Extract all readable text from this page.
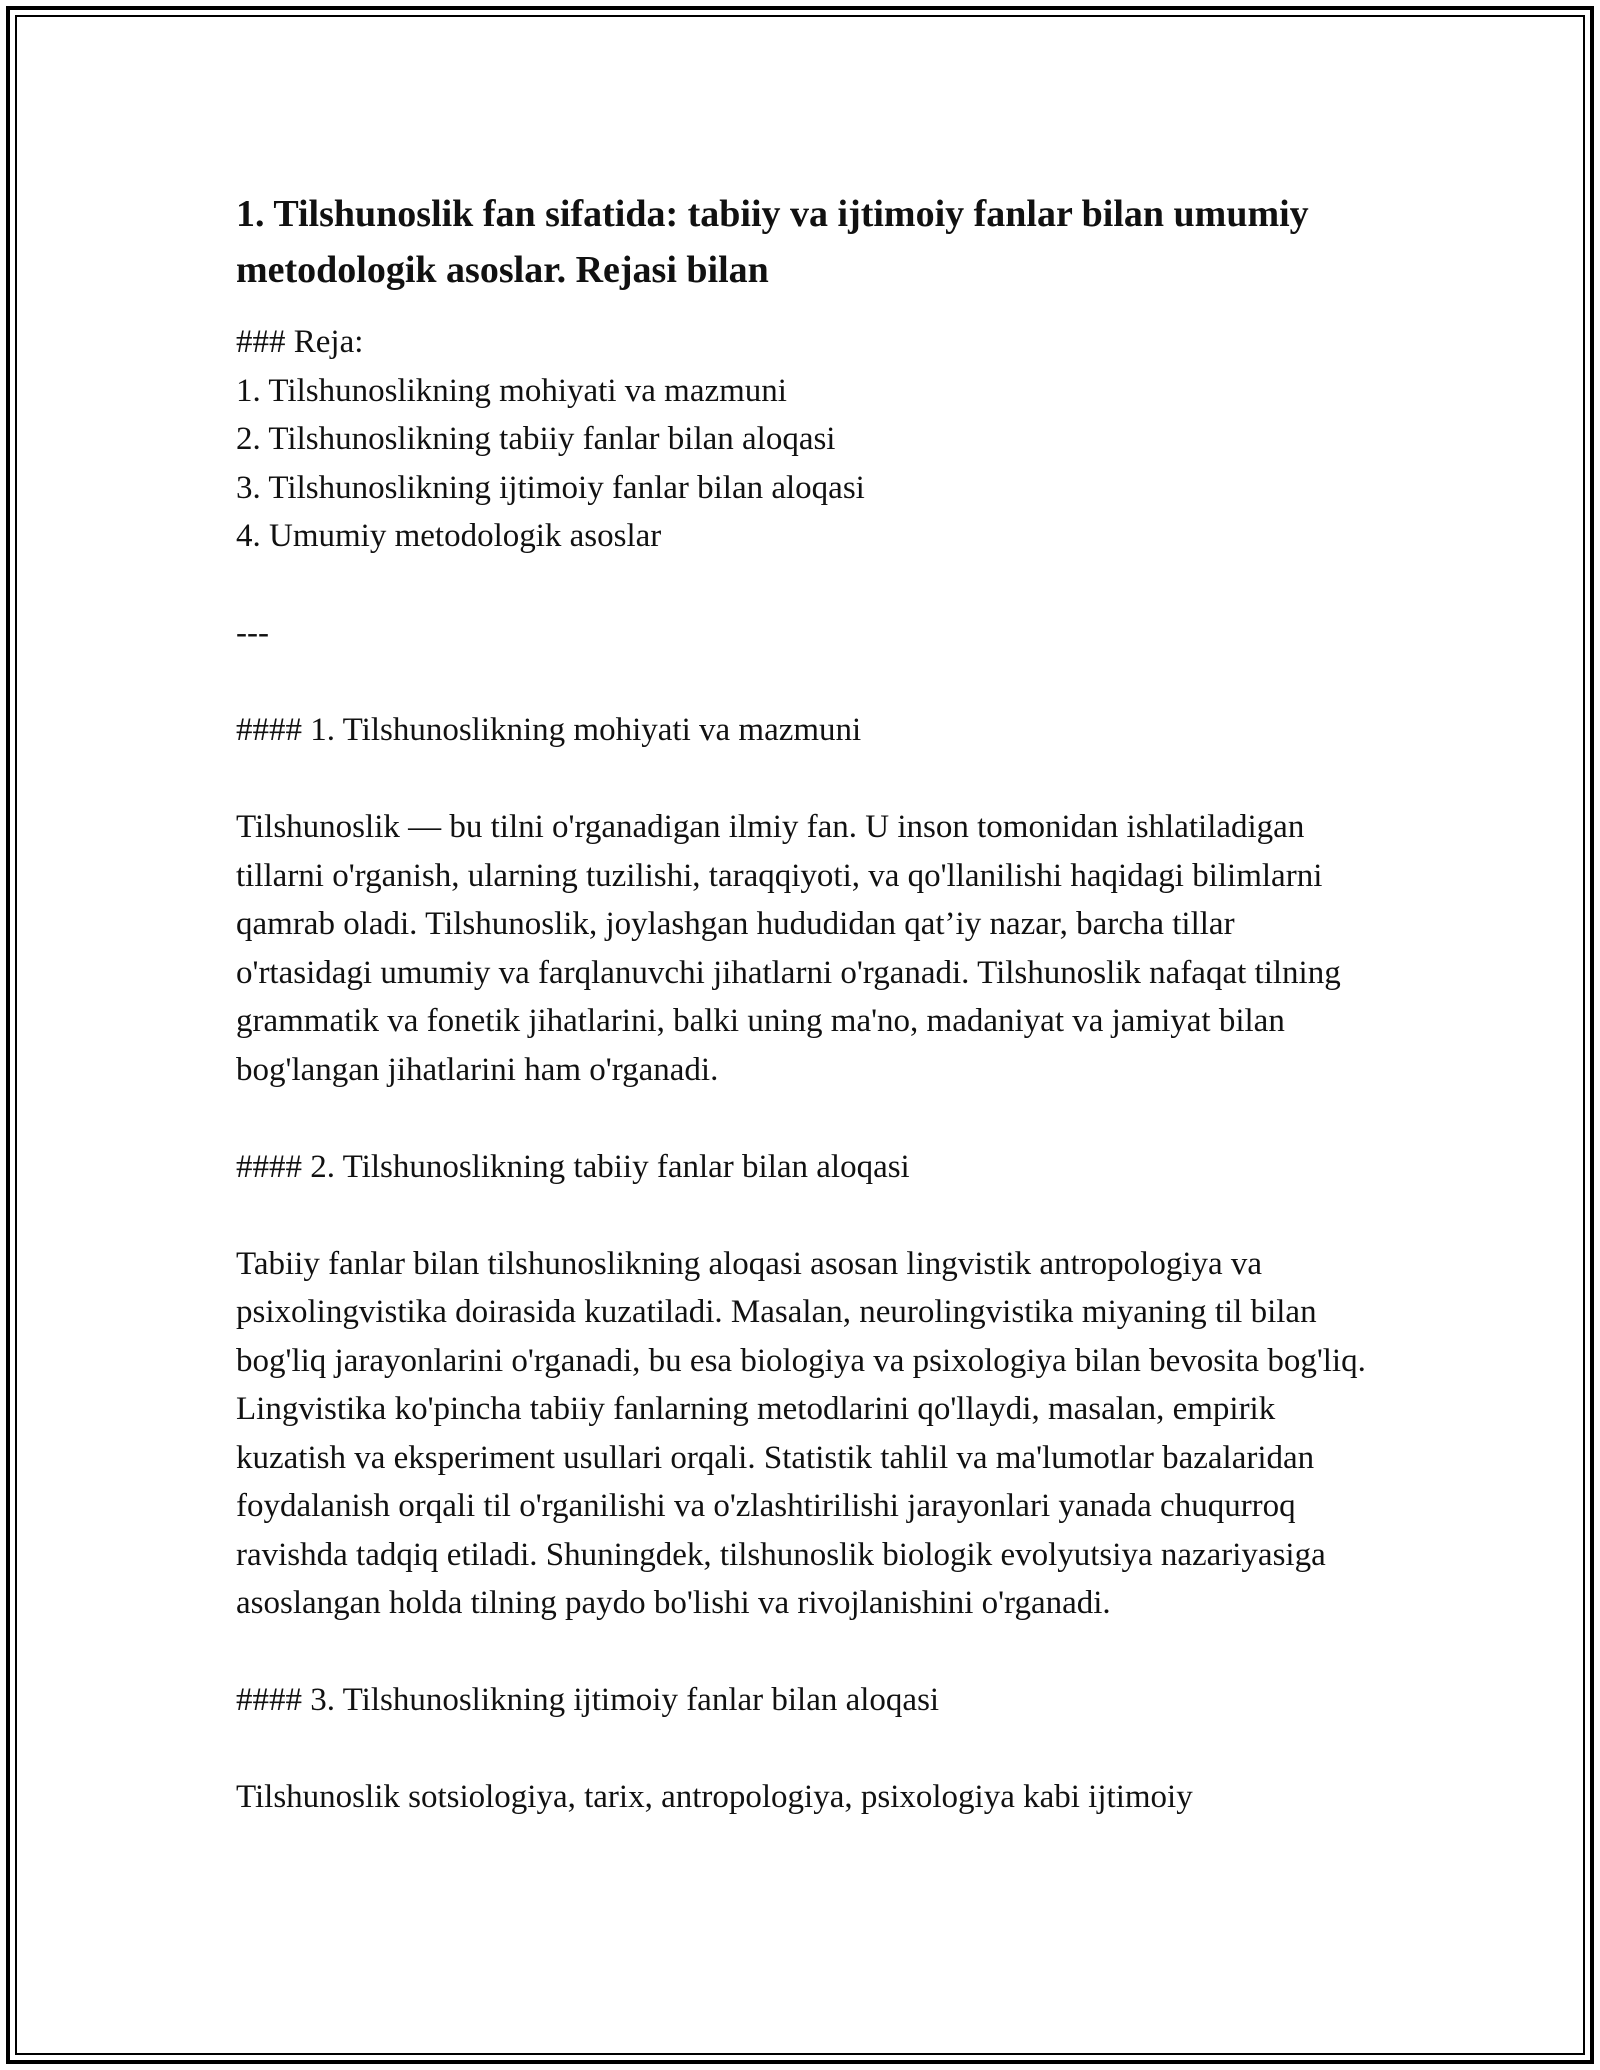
1. Tilshunoslik fan sifatida: tabiiy va ijtimoiy fanlar bilan umumiy metodologik asoslar. Rejasi bilan
### Reja:
1. Tilshunoslikning mohiyati va mazmuni
2. Tilshunoslikning tabiiy fanlar bilan aloqasi
3. Tilshunoslikning ijtimoiy fanlar bilan aloqasi
4. Umumiy metodologik asoslar
---
#### 1. Tilshunoslikning mohiyati va mazmuni
Tilshunoslik — bu tilni o'rganadigan ilmiy fan. U inson tomonidan ishlatiladigan tillarni o'rganish, ularning tuzilishi, taraqqiyoti, va qo'llanilishi haqidagi bilimlarni qamrab oladi. Tilshunoslik, joylashgan hududidan qat’iy nazar, barcha tillar o'rtasidagi umumiy va farqlanuvchi jihatlarni o'rganadi. Tilshunoslik nafaqat tilning grammatik va fonetik jihatlarini, balki uning ma'no, madaniyat va jamiyat bilan bog'langan jihatlarini ham o'rganadi.
#### 2. Tilshunoslikning tabiiy fanlar bilan aloqasi
Tabiiy fanlar bilan tilshunoslikning aloqasi asosan lingvistik antropologiya va psixolingvistika doirasida kuzatiladi. Masalan, neurolingvistika miyaning til bilan bog'liq jarayonlarini o'rganadi, bu esa biologiya va psixologiya bilan bevosita bog'liq. Lingvistika ko'pincha tabiiy fanlarning metodlarini qo'llaydi, masalan, empirik kuzatish va eksperiment usullari orqali. Statistik tahlil va ma'lumotlar bazalaridan foydalanish orqali til o'rganilishi va o'zlashtirilishi jarayonlari yanada chuqurroq ravishda tadqiq etiladi. Shuningdek, tilshunoslik biologik evolyutsiya nazariyasiga asoslangan holda tilning paydo bo'lishi va rivojlanishini o'rganadi.
#### 3. Tilshunoslikning ijtimoiy fanlar bilan aloqasi
Tilshunoslik sotsiologiya, tarix, antropologiya, psixologiya kabi ijtimoiy
